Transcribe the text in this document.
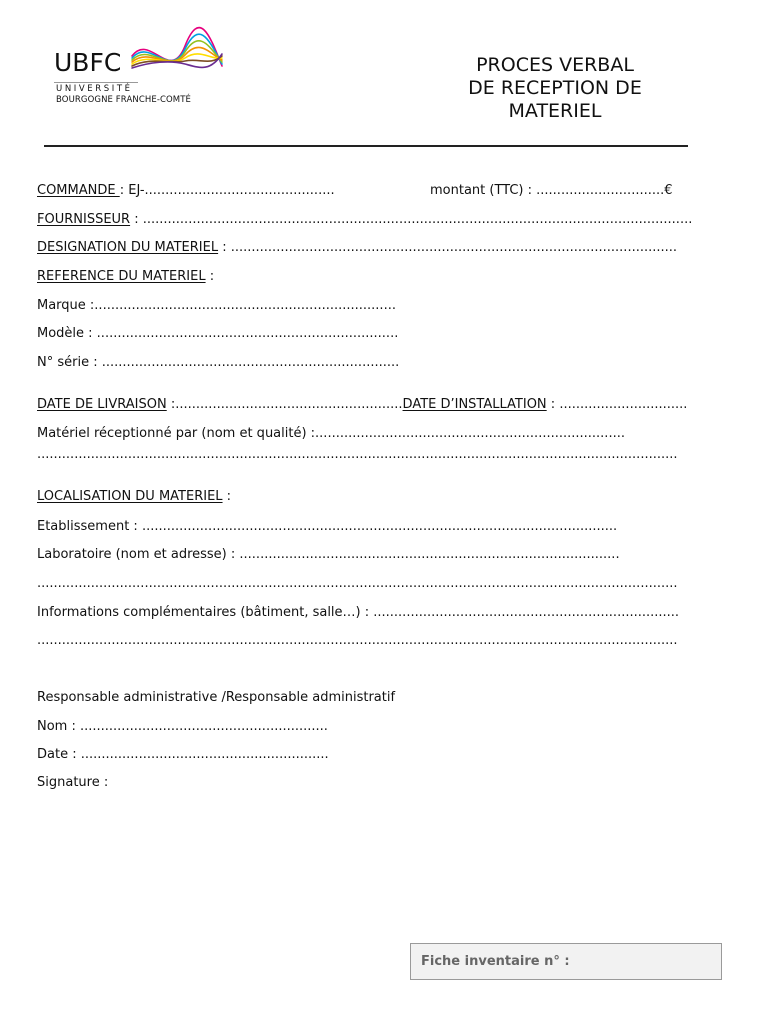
UBFC
UNIVERSITÉ
BOURGOGNE FRANCHE-COMTÉ
PROCES VERBAL
DE RECEPTION DE
MATERIEL
COMMANDE : EJ-..............................................	montant (TTC) : ...............................€
FOURNISSEUR : .....................................................................................................................................
DESIGNATION DU MATERIEL : ............................................................................................................
REFERENCE DU MATERIEL :
Marque :.........................................................................
Modèle : .........................................................................
N° série : ........................................................................
DATE DE LIVRAISON :.......................................................DATE D’INSTALLATION : ...............................
Matériel réceptionné par (nom et qualité) :...........................................................................
...........................................................................................................................................................
LOCALISATION DU MATERIEL :
Etablissement : ...................................................................................................................
Laboratoire (nom et adresse) : ............................................................................................
...........................................................................................................................................................
Informations complémentaires (bâtiment, salle…) : ..........................................................................
...........................................................................................................................................................
Responsable administrative /Responsable administratif
Nom : ............................................................
Date : ............................................................
Signature :
Fiche inventaire n° :
